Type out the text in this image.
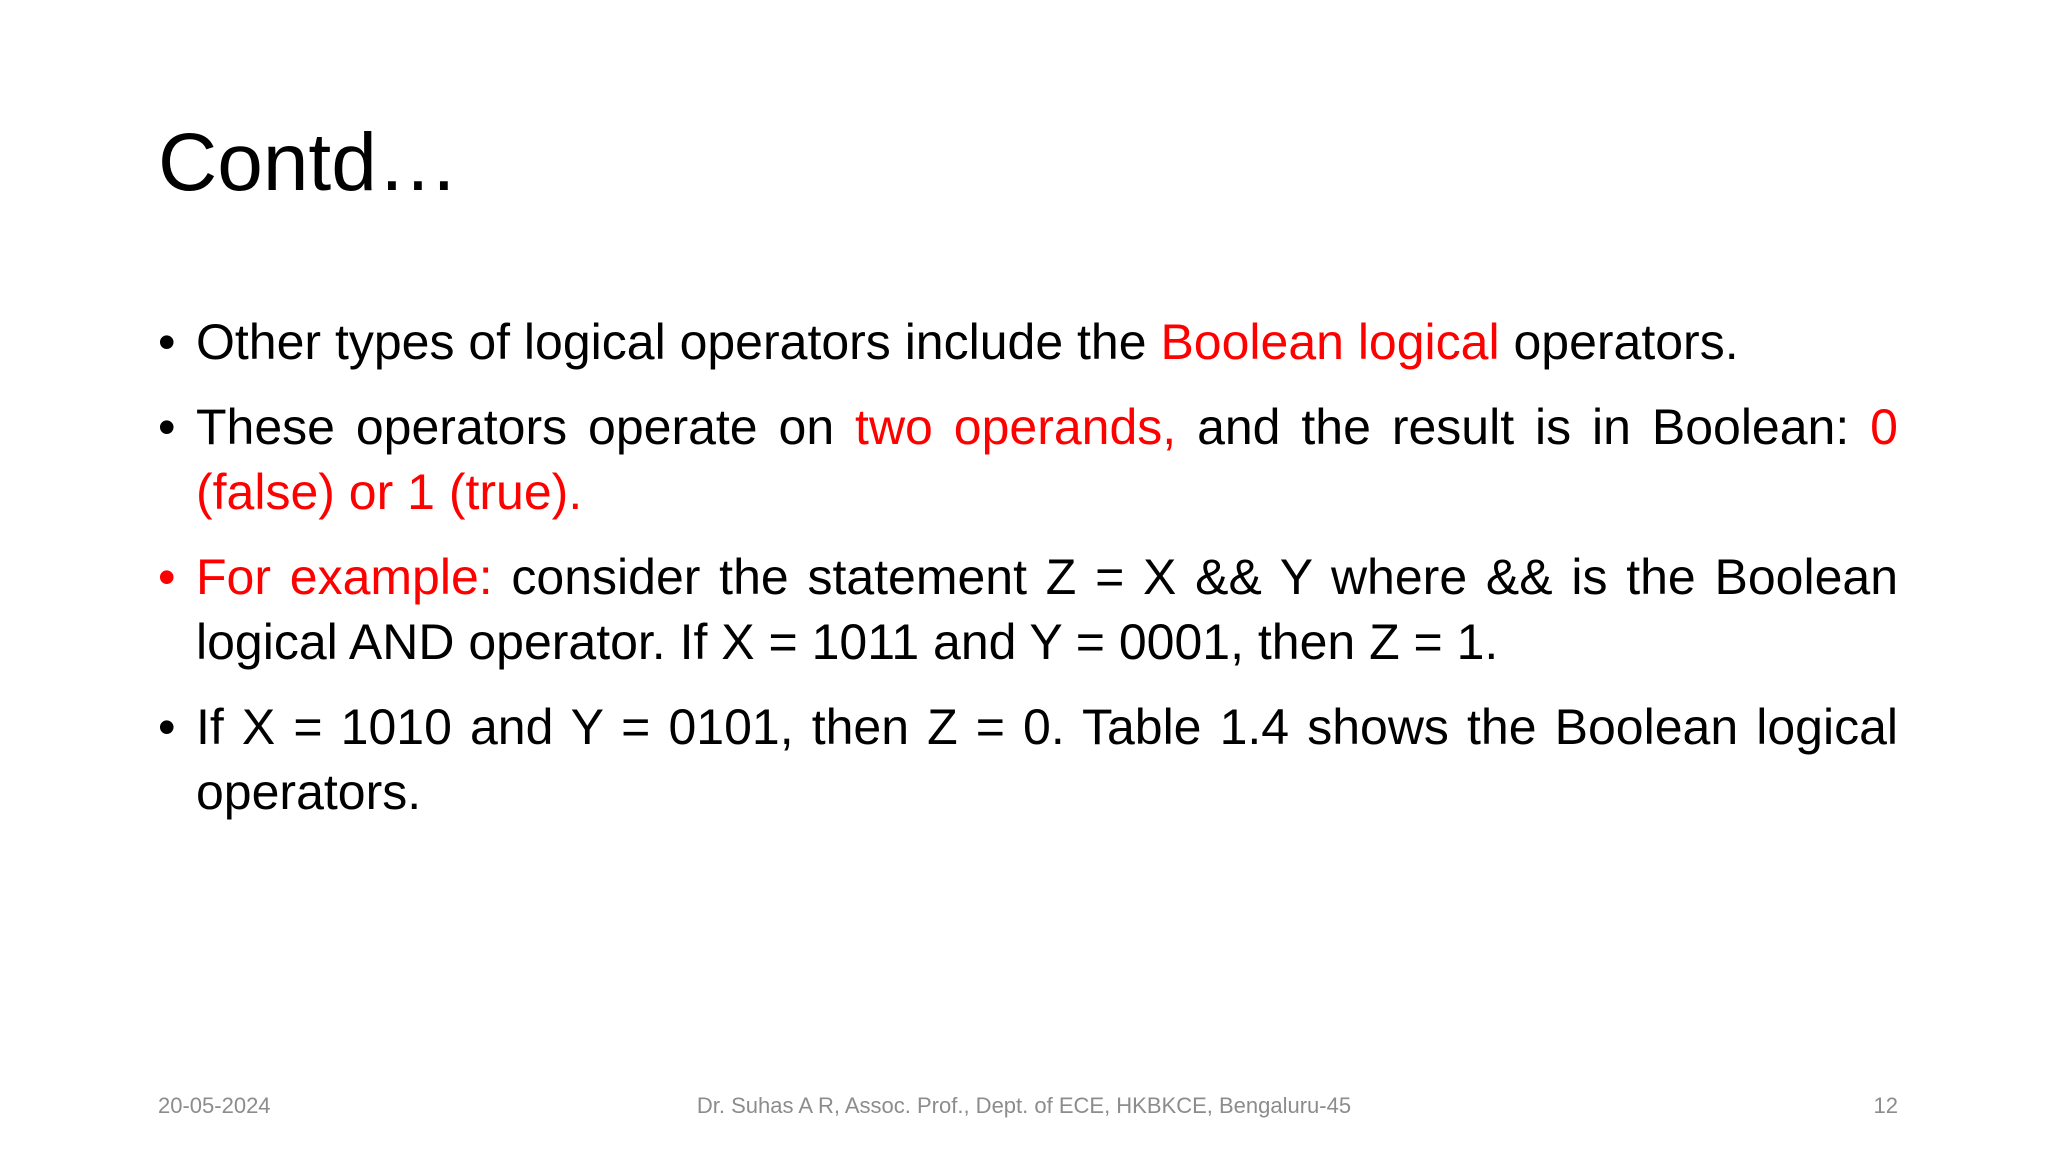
Contd…
• Other types of logical operators include the Boolean logical operators.
• These operators operate on two operands, and the result is in Boolean: 0 (false) or 1 (true).
• For example: consider the statement Z = X && Y where && is the Boolean logical AND operator. If X = 1011 and Y = 0001, then Z = 1.
• If X = 1010 and Y = 0101, then Z = 0. Table 1.4 shows the Boolean logical operators.
20-05-2024	Dr. Suhas A R, Assoc. Prof., Dept. of ECE, HKBKCE, Bengaluru-45	12
